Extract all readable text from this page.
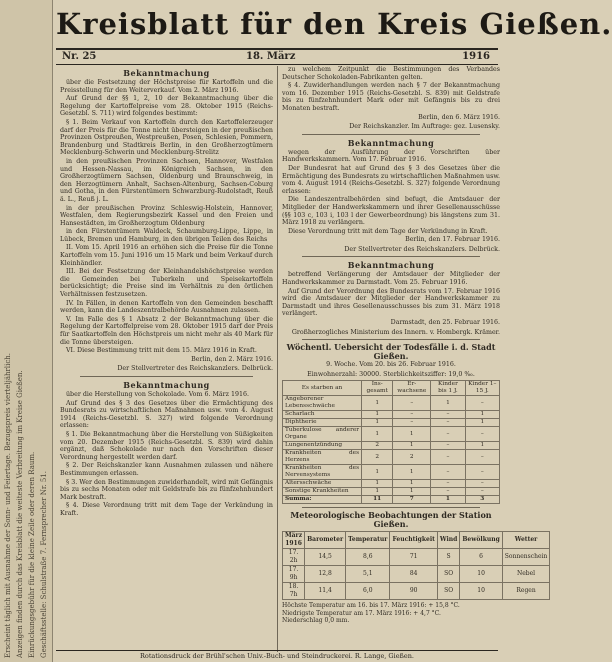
Erscheint täglich mit Ausnahme der Sonn- und Feiertage. Bezugspreis vierteljährlich. Anzeigen finden durch das Kreisblatt die weiteste Verbreitung im Kreise Gießen. Einrückungsgebühr für die kleine Zeile oder deren Raum. Geschäftsstelle: Schulstraße 7. Fernsprecher Nr. 51.
Kreisblatt für den Kreis Gießen.
Nr. 25	18. März	1916
Bekanntmachung

über die Festsetzung der Höchstpreise für Kartoffeln und die Preisstellung für den Weiterverkauf. Vom 2. März 1916.

Auf Grund der §§ 1, 2, 10 der Bekanntmachung über die Regelung der Kartoffelpreise vom 28. Oktober 1915 (Reichs-Gesetzbl. S. 711) wird folgendes bestimmt:

§ 1. Beim Verkauf von Kartoffeln durch den Kartoffelerzeuger darf der Preis für die Tonne nicht übersteigen in der preußischen Provinzen Ostpreußen, Westpreußen, Posen, Schlesien, Pommern, Brandenburg und Stadtkreis Berlin, in den Großherzogtümern Mecklenburg-Schwerin und Mecklenburg-Strelitz

in den preußischen Provinzen Sachsen, Hannover, Westfalen und Hessen-Nassau, im Königreich Sachsen, in den Großherzogtümern Sachsen, Oldenburg und Braunschweig, in den Herzogtümern Anhalt, Sachsen-Altenburg, Sachsen-Coburg und Gotha, in den Fürstentümern Schwarzburg-Rudolstadt, Reuß ä. L., Reuß j. L.

in der preußischen Provinz Schleswig-Holstein, Hannover, Westfalen, dem Regierungsbezirk Kassel und den Freien und Hansestädten, im Großherzogtum Oldenburg

in den Fürstentümern Waldeck, Schaumburg-Lippe, Lippe, in Lübeck, Bremen und Hamburg, in den übrigen Teilen des Reichs

II. Vom 15. April 1916 an erhöhen sich die Preise für die Tonne Kartoffeln vom 15. Juni 1916 um 15 Mark und beim Verkauf durch Kleinhändler.

III. Bei der Festsetzung der Kleinhandelshöchstpreise werden die Gemeinden bei Tuberkeln und Speisekartoffeln berücksichtigt; die Preise sind im Verhältnis zu den örtlichen Verhältnissen festzusetzen.

IV. In Fällen, in denen Kartoffeln von den Gemeinden beschafft werden, kann die Landeszentralbehörde Ausnahmen zulassen.

V. Im Falle des § 1 Absatz 2 der Bekanntmachung über die Regelung der Kartoffelpreise vom 28. Oktober 1915 darf der Preis für Saatkartoffeln den Höchstpreis um nicht mehr als 40 Mark für die Tonne übersteigen.

VI. Diese Bestimmung tritt mit dem 15. März 1916 in Kraft.

Berlin, den 2. März 1916.
Der Stellvertreter des Reichskanzlers. Delbrück.
Bekanntmachung

über die Herstellung von Schokolade. Vom 6. März 1916.

Auf Grund des § 3 des Gesetzes über die Ermächtigung des Bundesrats zu wirtschaftlichen Maßnahmen usw. vom 4. August 1914 (Reichs-Gesetzbl. S. 327) wird folgende Verordnung erlassen:

§ 1. Die Bekanntmachung über die Herstellung von Süßigkeiten vom 20. Dezember 1915 (Reichs-Gesetzbl. S. 839) wird dahin ergänzt, daß Schokolade nur nach den Vorschriften dieser Verordnung hergestellt werden darf.

§ 2. Der Reichskanzler kann Ausnahmen zulassen und nähere Bestimmungen erlassen.

§ 3. Wer den Bestimmungen zuwiderhandelt, wird mit Gefängnis bis zu sechs Monaten oder mit Geldstrafe bis zu fünfzehnhundert Mark bestraft.

§ 4. Diese Verordnung tritt mit dem Tage der Verkündung in Kraft.

zu welchem Zeitpunkt die Bestimmungen des Verbandes Deutscher Schokoladen-Fabrikanten gelten.

§ 4. Zuwiderhandlungen werden nach § 7 der Bekanntmachung vom 16. Dezember 1915 (Reichs-Gesetzbl. S. 839) mit Geldstrafe bis zu fünfzehnhundert Mark oder mit Gefängnis bis zu drei Monaten bestraft.

Berlin, den 6. März 1916.
Der Reichskanzler. Im Auftrage: gez. Lusensky.
Bekanntmachung

wegen der Ausführung der Vorschriften über Handwerkskammern. Vom 17. Februar 1916.

Der Bundesrat hat auf Grund des § 3 des Gesetzes über die Ermächtigung des Bundesrats zu wirtschaftlichen Maßnahmen usw. vom 4. August 1914 (Reichs-Gesetzbl. S. 327) folgende Verordnung erlassen:

Die Landeszentralbehörden sind befugt, die Amtsdauer der Mitglieder der Handwerkskammern und ihrer Gesellenausschüsse (§§ 103 c, 103 i, 103 l der Gewerbeordnung) bis längstens zum 31. März 1918 zu verlängern.

Diese Verordnung tritt mit dem Tage der Verkündung in Kraft.

Berlin, den 17. Februar 1916.
Der Stellvertreter des Reichskanzlers. Delbrück.
Bekanntmachung

betreffend Verlängerung der Amtsdauer der Mitglieder der Handwerkskammer zu Darmstadt. Vom 25. Februar 1916.

Auf Grund der Verordnung des Bundesrats vom 17. Februar 1916 wird die Amtsdauer der Mitglieder der Handwerkskammer zu Darmstadt und ihres Gesellenausschusses bis zum 31. März 1918 verlängert.

Darmstadt, den 25. Februar 1916.
Großherzogliches Ministerium des Innern. v. Hombergk. Krämer.
Wöchentl. Uebersicht der Todesfälle i. d. Stadt Gießen.
9. Woche. Vom 20. bis 26. Februar 1916.
Einwohnerzahl: 30000. Sterblichkeitsziffer: 19,0 ‰.
Es starben an	Ins-gesamt	Er-wachsene	Kinder bis 1 J.	Kinder 1–15 J.
Angeborener Lebensschwäche	1	–	1	–
Scharlach	1	–	–	1
Diphtherie	1	–	–	1
Tuberkulose anderer Organe	1	1	–	–
Lungenentzündung	2	1	–	1
Krankheiten des Herzens	2	2	–	–
Krankheiten des Nervensystems	1	1	–	–
Altersschwäche	1	1	–	–
Sonstige Krankheiten	1	1	–	–
Summa:	11	7	1	3
Meteorologische Beobachtungen der Station Gießen.
März 1916	Barometer	Temperatur	Feuchtigkeit	Wind	Bewölkung	Wetter
17. 2h	14,5	8,6	71	S	6	Sonnenschein
17. 9h	12,8	5,1	84	SO	10	Nebel
18. 7h	11,4	6,0	90	SO	10	Regen
Höchste Temperatur am 16. bis 17. März 1916: + 15,8 °C.
Niedrigste Temperatur am 17. März 1916: + 4,7 °C.
Niederschlag 0,0 mm.
Rotationsdruck der Brühl'schen Univ.-Buch- und Steindruckerei. R. Lange, Gießen.
